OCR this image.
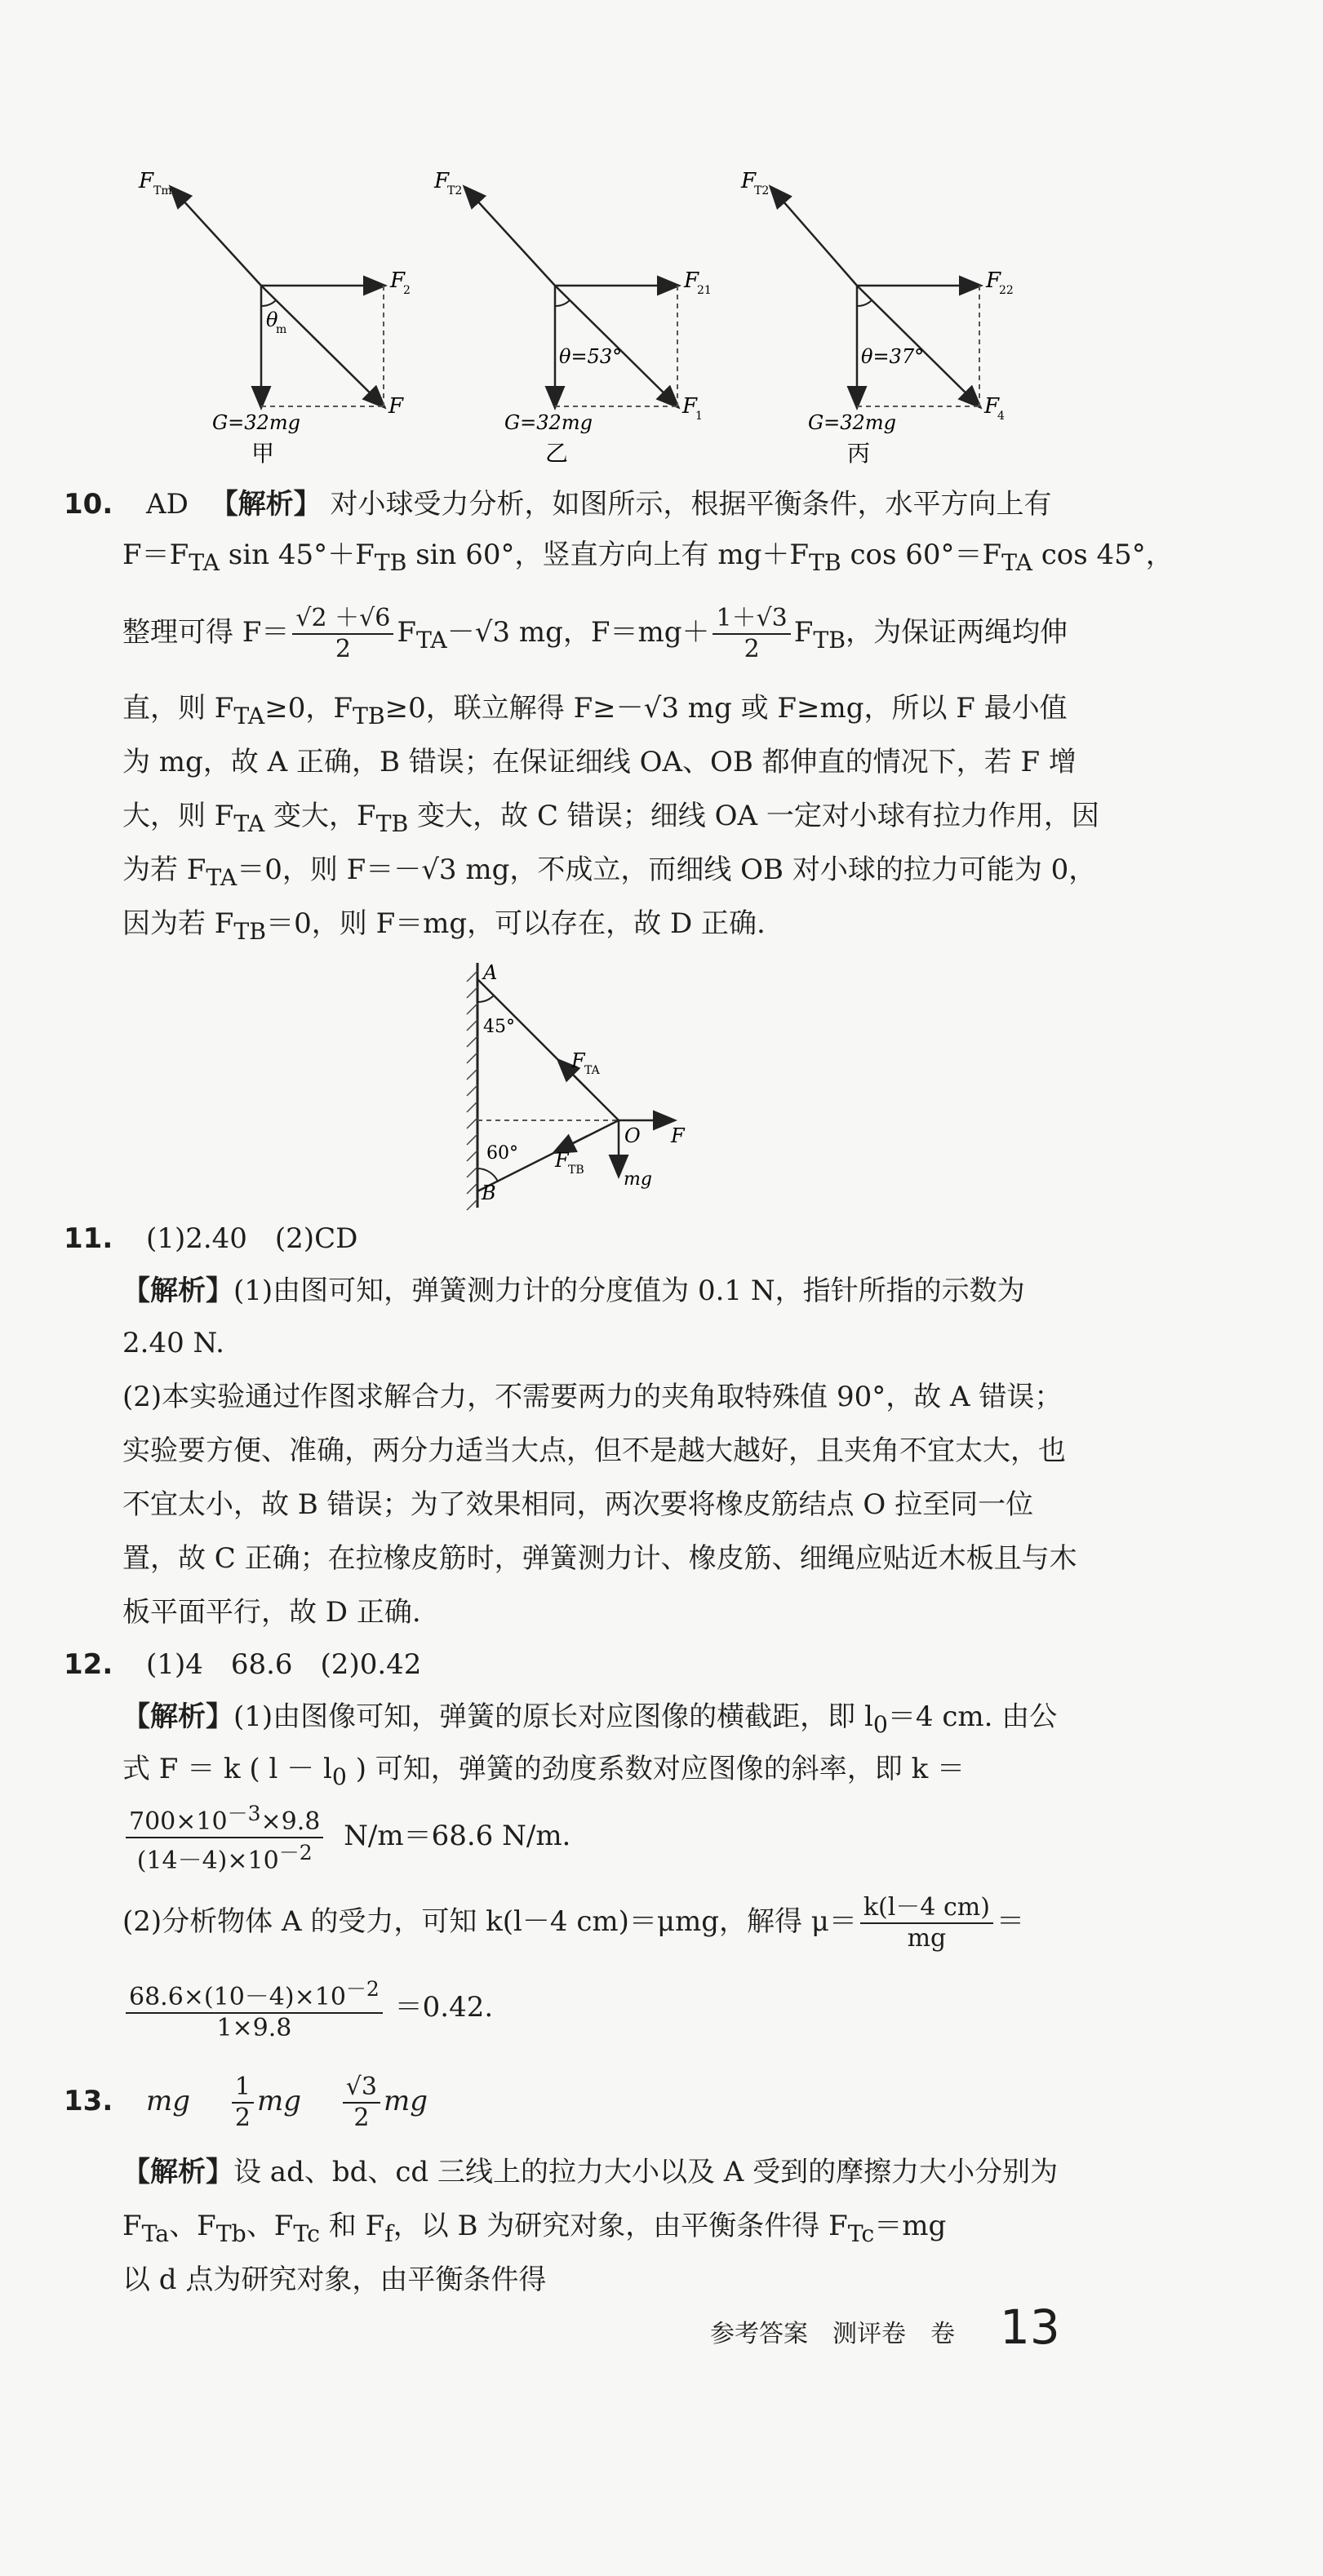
F Tm
F
2
θ
m
G=32mg
F
甲
F
T2
F
21
θ=53°
G=32mg
F
1
乙
F
T2
F
22
θ=37°
G=32mg
F
4
丙
10. AD 【解析】 对小球受力分析，如图所示，根据平衡条件，水平方向上有
$F=F_{TA}$ $\sin 45^\circ+F_{TB}$ sin 60°，竖直方向上有 $mg+F_{TB}$ $\cos 60^\circ=F_{TA}$ cos 45°，
整理可得 $F= \frac{√2 +√6}{2} F_{TA}-√3$ mg，$F=mg+ \frac{1+√3}{2} F_{TB}$，为保证两绳均伸
直，则 $F_{TA}\ge 0$，$F_{TB}\ge 0$，联立解得 F≥－√3 mg 或 F≥mg，所以 F 最小值
为 mg，故 A 正确，B 错误；在保证细线 OA、OB 都伸直的情况下，若 F 增
大，则 $F_{TA}$ 变大，$F_{TB}$ 变大，故 C 错误；细线 OA 一定对小球有拉力作用，因
为若 $F_{TA}=0$，则 F＝－√3 mg，不成立，而细线 OB 对小球的拉力可能为 0，
因为若 $F_{TB}=0$，则 F＝mg，可以存在，故 D 正确.
A
45°
F TA
O F
60° F TB mg
B
11. (1)2.40　(2)CD
【解析】(1)由图可知，弹簧测力计的分度值为 0.1 N，指针所指的示数为
2.40 N.
(2)本实验通过作图求解合力，不需要两力的夹角取特殊值 90°，故 A 错误；
实验要方便、准确，两分力适当大点，但不是越大越好，且夹角不宜太大，也
不宜太小，故 B 错误；为了效果相同，两次要将橡皮筋结点 O 拉至同一位
置，故 C 正确；在拉橡皮筋时，弹簧测力计、橡皮筋、细绳应贴近木板且与木
板平面平行，故 D 正确.
12. (1)4　68.6　(2)0.42
【解析】(1)由图像可知，弹簧的原长对应图像的横截距，即 $l_0=4$ cm. 由公
式 F ＝ k ( $l - l_0$ ) 可知，弹簧的劲度系数对应图像的斜率，即 k ＝
$\frac{700\times 10^{-3}\times 9.8}{(14-4)\times 10^{-2}} N/m=68.6$ N/m.
(2)分析物体 A 的受力，可知 k(l－4 cm)＝μmg，解得 $\mu= \frac{k(l-4 cm)}{mg}$ ＝
$\frac{68.6\times(10-4)\times 10^{-2}}{1\times 9.8} =0.42$.
13. mg $\frac{1}{2}$ mg $\frac{√3}{2}$ mg
【解析】设 ad、bd、cd 三线上的拉力大小以及 A 受到的摩擦力大小分别为
$F_{Ta}$、$F_{Tb}$、$F_{Tc}$ 和 $F_f$，以 B 为研究对象，由平衡条件得 $F_{Tc}=mg$
以 d 点为研究对象，由平衡条件得
参考答案　测评卷　卷 13
